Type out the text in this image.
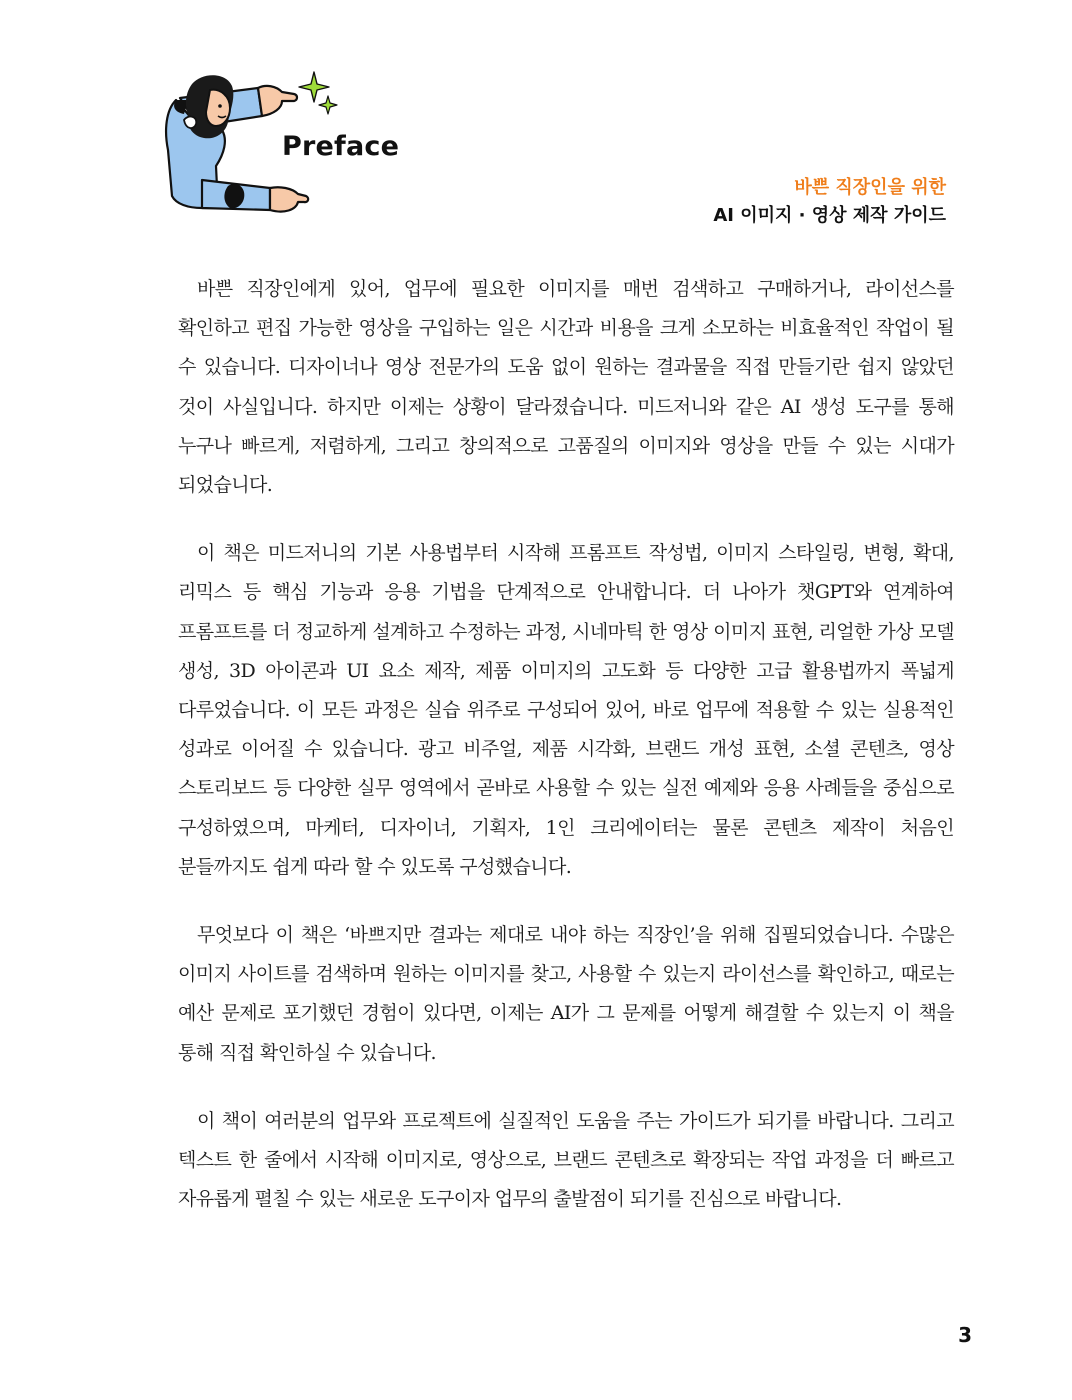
Preface
바쁜 직장인을 위한
AI 이미지 · 영상 제작 가이드

바쁜 직장인에게 있어, 업무에 필요한 이미지를 매번 검색하고 구매하거나, 라이선스를 확인하고 편집 가능한 영상을 구입하는 일은 시간과 비용을 크게 소모하는 비효율적인 작업이 될 수 있습니다. 디자이너나 영상 전문가의 도움 없이 원하는 결과물을 직접 만들기란 쉽지 않았던 것이 사실입니다. 하지만 이제는 상황이 달라졌습니다. 미드저니와 같은 AI 생성 도구를 통해 누구나 빠르게, 저렴하게, 그리고 창의적으로 고품질의 이미지와 영상을 만들 수 있는 시대가 되었습니다.

이 책은 미드저니의 기본 사용법부터 시작해 프롬프트 작성법, 이미지 스타일링, 변형, 확대, 리믹스 등 핵심 기능과 응용 기법을 단계적으로 안내합니다. 더 나아가 챗GPT와 연계하여 프롬프트를 더 정교하게 설계하고 수정하는 과정, 시네마틱 한 영상 이미지 표현, 리얼한 가상 모델 생성, 3D 아이콘과 UI 요소 제작, 제품 이미지의 고도화 등 다양한 고급 활용법까지 폭넓게 다루었습니다. 이 모든 과정은 실습 위주로 구성되어 있어, 바로 업무에 적용할 수 있는 실용적인 성과로 이어질 수 있습니다. 광고 비주얼, 제품 시각화, 브랜드 개성 표현, 소셜 콘텐츠, 영상 스토리보드 등 다양한 실무 영역에서 곧바로 사용할 수 있는 실전 예제와 응용 사례들을 중심으로 구성하였으며, 마케터, 디자이너, 기획자, 1인 크리에이터는 물론 콘텐츠 제작이 처음인 분들까지도 쉽게 따라 할 수 있도록 구성했습니다.

무엇보다 이 책은 ‘바쁘지만 결과는 제대로 내야 하는 직장인’을 위해 집필되었습니다. 수많은 이미지 사이트를 검색하며 원하는 이미지를 찾고, 사용할 수 있는지 라이선스를 확인하고, 때로는 예산 문제로 포기했던 경험이 있다면, 이제는 AI가 그 문제를 어떻게 해결할 수 있는지 이 책을 통해 직접 확인하실 수 있습니다.

이 책이 여러분의 업무와 프로젝트에 실질적인 도움을 주는 가이드가 되기를 바랍니다. 그리고 텍스트 한 줄에서 시작해 이미지로, 영상으로, 브랜드 콘텐츠로 확장되는 작업 과정을 더 빠르고 자유롭게 펼칠 수 있는 새로운 도구이자 업무의 출발점이 되기를 진심으로 바랍니다.

3
